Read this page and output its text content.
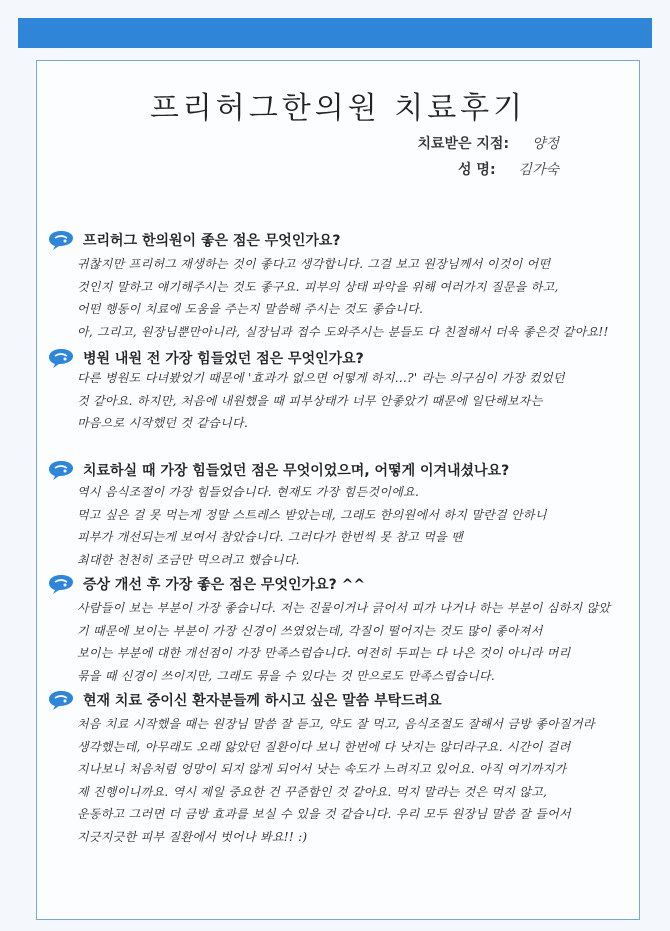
프리허그한의원 치료후기
치료받은 지점: 양정
성 명: 김가숙
프리허그 한의원이 좋은 점은 무엇인가요?

귀찮지만 프리허그 재생하는 것이 좋다고 생각합니다. 그걸 보고 원장님께서 이것이 어떤

것인지 말하고 얘기해주시는 것도 좋구요. 피부의 상태 파악을 위해 여러가지 질문을 하고,

어떤 행동이 치료에 도움을 주는지 말씀해 주시는 것도 좋습니다.

아, 그리고, 원장님뿐만아니라, 실장님과 접수 도와주시는 분들도 다 친절해서 더욱 좋은것 같아요!!

병원 내원 전 가장 힘들었던 점은 무엇인가요?

다른 병원도 다녀봤었기 때문에 '효과가 없으면 어떻게 하지...?' 라는 의구심이 가장 컸었던

것 같아요. 하지만, 처음에 내원했을 때 피부상태가 너무 안좋았기 때문에 일단해보자는

마음으로 시작했던 것 같습니다.

치료하실 때 가장 힘들었던 점은 무엇이었으며, 어떻게 이겨내셨나요?

역시 음식조절이 가장 힘들었습니다. 현재도 가장 힘든것이에요.

먹고 싶은 걸 못 먹는게 정말 스트레스 받았는데, 그래도 한의원에서 하지 말란걸 안하니

피부가 개선되는게 보여서 참았습니다. 그러다가 한번씩 못 참고 먹을 땐

최대한 천천히 조금만 먹으려고 했습니다.

증상 개선 후 가장 좋은 점은 무엇인가요? ^^

사람들이 보는 부분이 가장 좋습니다. 저는 진물이거나 긁어서 피가 나거나 하는 부분이 심하지 않았

기 때문에 보이는 부분이 가장 신경이 쓰였었는데, 각질이 떨어지는 것도 많이 좋아져서

보이는 부분에 대한 개선점이 가장 만족스럽습니다. 여전히 두피는 다 나은 것이 아니라 머리

묶을 때 신경이 쓰이지만, 그래도 묶을 수 있다는 것 만으로도 만족스럽습니다.

현재 치료 중이신 환자분들께 하시고 싶은 말씀 부탁드려요

처음 치료 시작했을 때는 원장님 말씀 잘 듣고, 약도 잘 먹고, 음식조절도 잘해서 금방 좋아질거라

생각했는데, 아무래도 오래 앓았던 질환이다 보니 한번에 다 낫지는 않더라구요. 시간이 걸려

지나보니 처음처럼 엉망이 되지 않게 되어서 낫는 속도가 느려지고 있어요. 아직 여기까지가

제 진행이니까요. 역시 제일 중요한 건 꾸준함인 것 같아요. 먹지 말라는 것은 먹지 않고,

운동하고 그러면 더 금방 효과를 보실 수 있을 것 같습니다. 우리 모두 원장님 말씀 잘 들어서

지긋지긋한 피부 질환에서 벗어나 봐요!! :)
